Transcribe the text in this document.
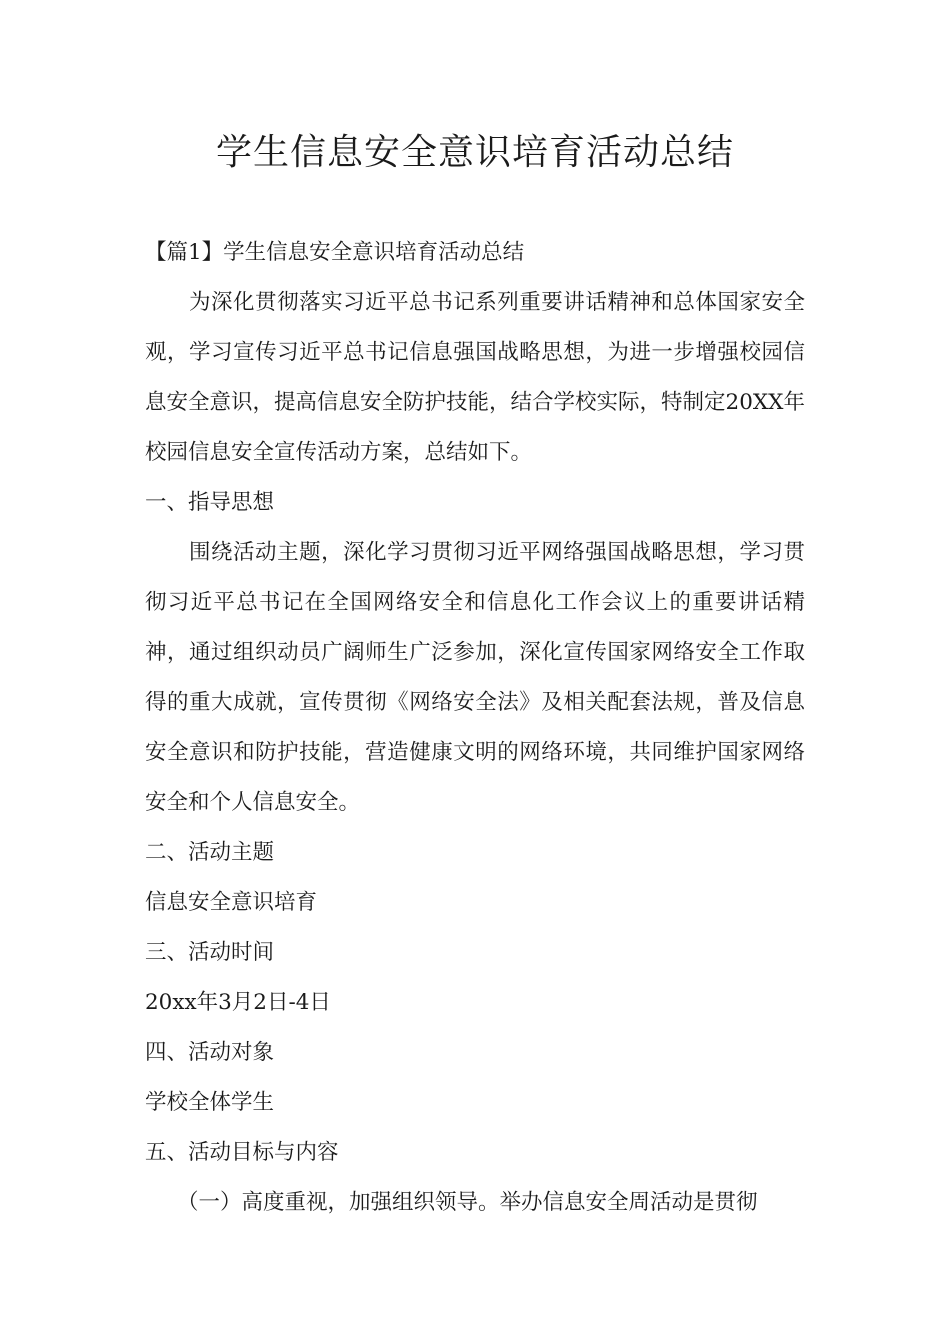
学生信息安全意识培育活动总结

【篇1】学生信息安全意识培育活动总结

为深化贯彻落实习近平总书记系列重要讲话精神和总体国家安全观，学习宣传习近平总书记信息强国战略思想，为进一步增强校园信息安全意识，提高信息安全防护技能，结合学校实际，特制定20XX年校园信息安全宣传活动方案，总结如下。

一、指导思想

围绕活动主题，深化学习贯彻习近平网络强国战略思想，学习贯彻习近平总书记在全国网络安全和信息化工作会议上的重要讲话精神，通过组织动员广阔师生广泛参加，深化宣传国家网络安全工作取得的重大成就，宣传贯彻《网络安全法》及相关配套法规，普及信息安全意识和防护技能，营造健康文明的网络环境，共同维护国家网络安全和个人信息安全。

二、活动主题

信息安全意识培育

三、活动时间

20xx年3月2日-4日

四、活动对象

学校全体学生

五、活动目标与内容

（一）高度重视，加强组织领导。举办信息安全周活动是贯彻
